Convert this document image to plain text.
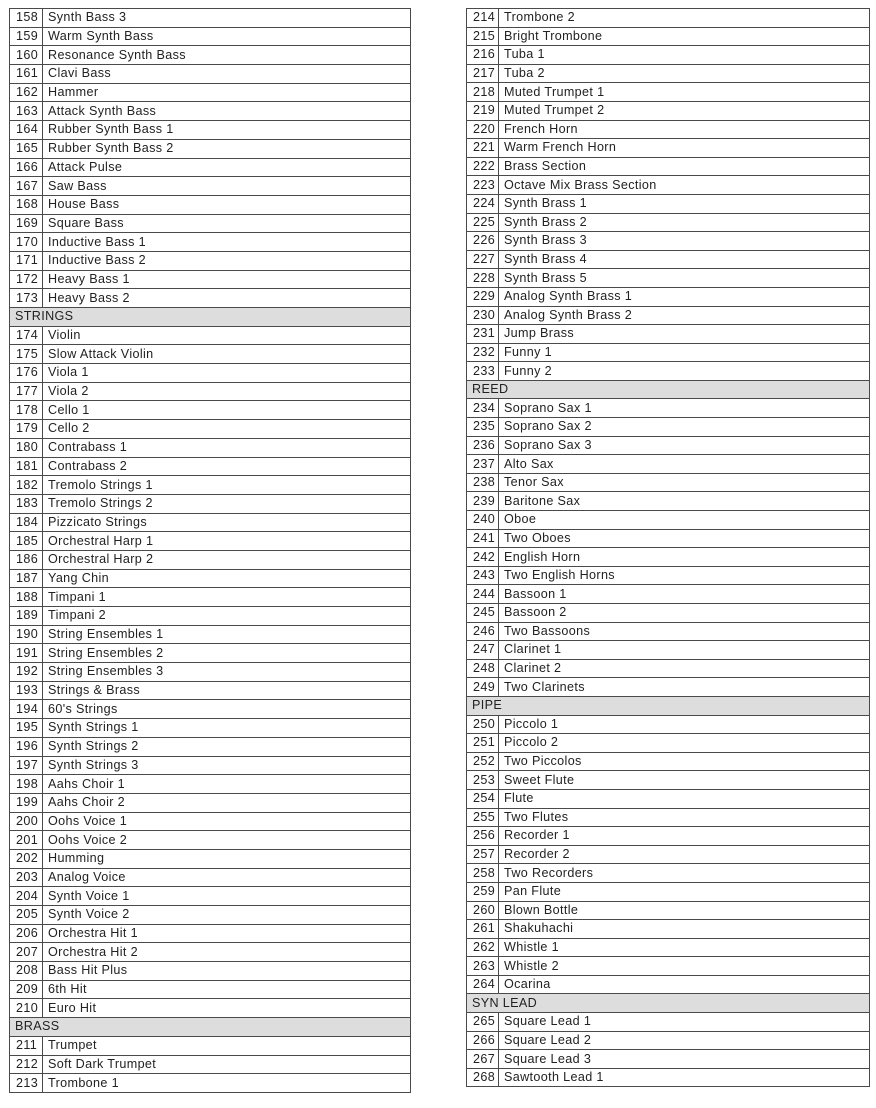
158	Synth Bass 3
159	Warm Synth Bass
160	Resonance Synth Bass
161	Clavi Bass
162	Hammer
163	Attack Synth Bass
164	Rubber Synth Bass 1
165	Rubber Synth Bass 2
166	Attack Pulse
167	Saw Bass
168	House Bass
169	Square Bass
170	Inductive Bass 1
171	Inductive Bass 2
172	Heavy Bass 1
173	Heavy Bass 2
STRINGS	
174	Violin
175	Slow Attack Violin
176	Viola 1
177	Viola 2
178	Cello 1
179	Cello 2
180	Contrabass 1
181	Contrabass 2
182	Tremolo Strings 1
183	Tremolo Strings 2
184	Pizzicato Strings
185	Orchestral Harp 1
186	Orchestral Harp 2
187	Yang Chin
188	Timpani 1
189	Timpani 2
190	String Ensembles 1
191	String Ensembles 2
192	String Ensembles 3
193	Strings & Brass
194	60's Strings
195	Synth Strings 1
196	Synth Strings 2
197	Synth Strings 3
198	Aahs Choir 1
199	Aahs Choir 2
200	Oohs Voice 1
201	Oohs Voice 2
202	Humming
203	Analog Voice
204	Synth Voice 1
205	Synth Voice 2
206	Orchestra Hit 1
207	Orchestra Hit 2
208	Bass Hit Plus
209	6th Hit
210	Euro Hit
BRASS	
211	Trumpet
212	Soft Dark Trumpet
213	Trombone 1
214	Trombone 2
215	Bright Trombone
216	Tuba 1
217	Tuba 2
218	Muted Trumpet 1
219	Muted Trumpet 2
220	French Horn
221	Warm French Horn
222	Brass Section
223	Octave Mix Brass Section
224	Synth Brass 1
225	Synth Brass 2
226	Synth Brass 3
227	Synth Brass 4
228	Synth Brass 5
229	Analog Synth Brass 1
230	Analog Synth Brass 2
231	Jump Brass
232	Funny 1
233	Funny 2
REED	
234	Soprano Sax 1
235	Soprano Sax 2
236	Soprano Sax 3
237	Alto Sax
238	Tenor Sax
239	Baritone Sax
240	Oboe
241	Two Oboes
242	English Horn
243	Two English Horns
244	Bassoon 1
245	Bassoon 2
246	Two Bassoons
247	Clarinet 1
248	Clarinet 2
249	Two Clarinets
PIPE	
250	Piccolo 1
251	Piccolo 2
252	Two Piccolos
253	Sweet Flute
254	Flute
255	Two Flutes
256	Recorder 1
257	Recorder 2
258	Two Recorders
259	Pan Flute
260	Blown Bottle
261	Shakuhachi
262	Whistle 1
263	Whistle 2
264	Ocarina
SYN LEAD	
265	Square Lead 1
266	Square Lead 2
267	Square Lead 3
268	Sawtooth Lead 1
